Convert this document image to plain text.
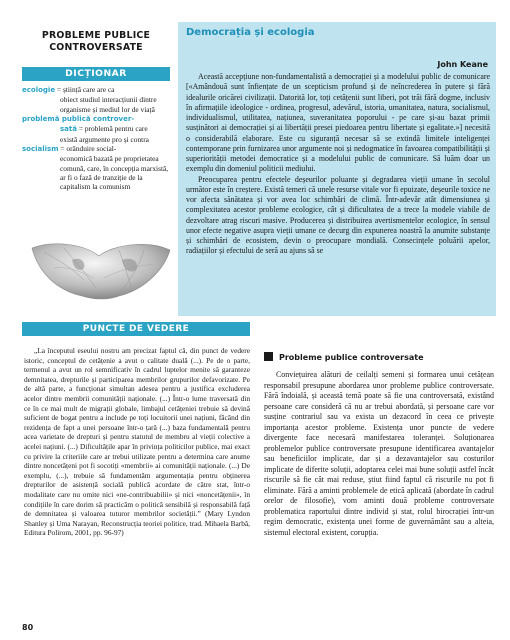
PROBLEME PUBLICE
CONTROVERSATE
DICȚIONAR
ecologie = știință care are ca
obiect studiul interacțiunii dintre organisme și mediul lor de viață
problemă publică controver-
sată = problemă pentru care
există argumente pro și contra
socialism = orânduire social-
economică bazată pe proprietatea comună, care, în concepția marxistă, ar fi o fază de tranziție de la capitalism la comunism
Democrația și ecologia
John Keane

Această accepțiune non-fundamentalistă a democrației și a modelului public de comunicare [«Amândouă sunt înfiențate de un scepticism profund și de neîncrederea în putere și fără idealurile oricărei civilizații. Datorită lor, toți cetățenii sunt liberi, pot trăi fără dogme, inclusiv în afirmațiile ideologice - ordinea, progresul, adevărul, istoria, umanitatea, natura, socialismul, individualismul, utilitatea, națiunea, suveranitatea poporului - pe care și-au bazat primii susținători ai democrației și ai libertății presei piedoarea pentru libertate și egalitate.»] necesită o considerabilă elaborare. Este cu siguranță necesar să se extindă limitele inteligenței contemporane prin furnizarea unor argumente noi și nedogmatice în favoarea compatibilității și superiorității metodei democratice și a modelului public de comunicare. Să luăm doar un exemplu din domeniul politicii mediului.

Preocuparea pentru efectele deșeurilor poluante și degradarea vieții umane în secolul următor este în creștere. Există temeri că unele resurse vitale vor fi epuizate, deșeurile toxice ne vor afecta sănătatea și vor avea loc schimbări de climă. Într-adevăr atât dimensiunea și complexitatea acestor probleme ecologice, cât și dificultatea de a trece la modele viabile de dezvoltare atrag riscuri masive. Producerea și distribuirea avertismentelor ecologice, în sensul unor efecte negative asupra vieții umane ce decurg din expunerea noastră la anumite substanțe și schimbări de ecosistem, devin o preocupare mondială. Consecințele poluării apelor, radiațiilor și efectului de seră au ajuns să se

PUNCTE DE VEDERE

„La începutul eseului nostru am precizat faptul că, din punct de vedere istoric, conceptul de cetățenie a avut o calitate duală (...). Pe de o parte, termenul a avut un rol semnificativ în cadrul luptelor menite să garanteze demnitatea, drepturile și participarea membrilor grupurilor defavorizate. Pe de altă parte, a funcționat simultan adesea pentru a justifica excluderea acelor dintre membrii comunității naționale. (...) Într-o lume traversată din ce în ce mai mult de migrații globale, limbajul cetățeniei trebuie să devină suficient de bogat pentru a include pe toți locuitorii unei națiuni, făcând din rezidența de fapt a unei persoane într-o țară (...) baza fundamentală pentru acea varietate de drepturi și pentru statutul de membru al vieții colective a acelei națiuni. (...) Dificultățile apar în privința politicilor publice, mai exact cu privire la criteriile care ar trebui utilizate pentru a determina care anume dintre noncetățeni pot fi socotiți «membrii» ai comunității naționale. (...) De exemplu, (...), trebuie să fundamentăm argumentația pentru obținerea drepturilor de asistență socială publică acordate de către stat, într-o modalitate care nu omite nici «ne-contribuabilii» și nici «noncetățenii», în condițiile în care dorim să practicăm o politică sensibilă și responsabilă față de demnitatea și valoarea tuturor membrilor societății.” (Mary Lyndon Shanley și Uma Narayan, Reconstrucția teoriei politice, trad. Mihaela Barbă, Editura Polirom, 2001, pp. 96-97)

Probleme publice controversate

Conviețuirea alături de ceilalți semeni și formarea unui cetățean responsabil presupune abordarea unor probleme publice controversate. Fără îndoială, și această temă poate să fie una controversată, existând persoane care consideră că nu ar trebui abordată, și persoane care vor susține contrariul sau va exista un dezacord în ceea ce privește importanța acestor probleme. Existența unor puncte de vedere divergente face necesară manifestarea toleranței. Soluționarea problemelor publice controversate presupune identificarea avantajelor sau beneficiilor implicate, dar și a dezavantajelor sau costurilor implicate de diferite soluții, adoptarea celei mai bune soluții astfel încât riscurile să fie cât mai reduse, știut fiind faptul că riscurile nu pot fi eliminate. Fără a aminti problemele de etică aplicată (abordate în cadrul orelor de filosofie), vom aminti două probleme controversate problematica raportului dintre individ și stat, rolul birocrației într-un regim democratic, existența unei forme de guvernământ sau a alteia, sistemul electoral existent, corupția.

80
